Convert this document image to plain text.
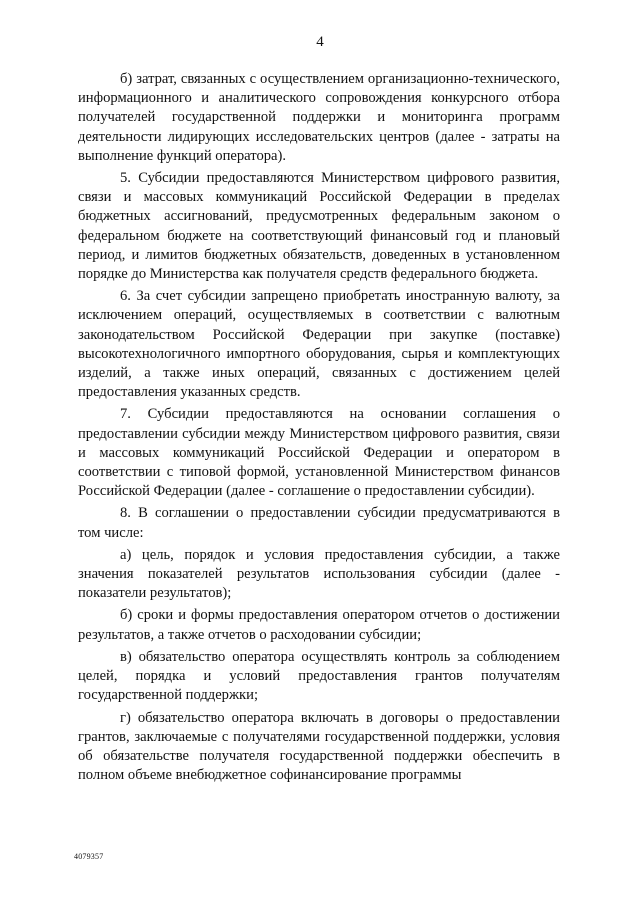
4

б) затрат, связанных с осуществлением организационно-технического, информационного и аналитического сопровождения конкурсного отбора получателей государственной поддержки и мониторинга программ деятельности лидирующих исследовательских центров (далее - затраты на выполнение функций оператора).

5. Субсидии предоставляются Министерством цифрового развития, связи и массовых коммуникаций Российской Федерации в пределах бюджетных ассигнований, предусмотренных федеральным законом о федеральном бюджете на соответствующий финансовый год и плановый период, и лимитов бюджетных обязательств, доведенных в установленном порядке до Министерства как получателя средств федерального бюджета.

6. За счет субсидии запрещено приобретать иностранную валюту, за исключением операций, осуществляемых в соответствии с валютным законодательством Российской Федерации при закупке (поставке) высокотехнологичного импортного оборудования, сырья и комплектующих изделий, а также иных операций, связанных с достижением целей предоставления указанных средств.

7. Субсидии предоставляются на основании соглашения о предоставлении субсидии между Министерством цифрового развития, связи и массовых коммуникаций Российской Федерации и оператором в соответствии с типовой формой, установленной Министерством финансов Российской Федерации (далее - соглашение о предоставлении субсидии).

8. В соглашении о предоставлении субсидии предусматриваются в том числе:

а) цель, порядок и условия предоставления субсидии, а также значения показателей результатов использования субсидии (далее - показатели результатов);

б) сроки и формы предоставления оператором отчетов о достижении результатов, а также отчетов о расходовании субсидии;

в) обязательство оператора осуществлять контроль за соблюдением целей, порядка и условий предоставления грантов получателям государственной поддержки;

г) обязательство оператора включать в договоры о предоставлении грантов, заключаемые с получателями государственной поддержки, условия об обязательстве получателя государственной поддержки обеспечить в полном объеме внебюджетное софинансирование программы

4079357
